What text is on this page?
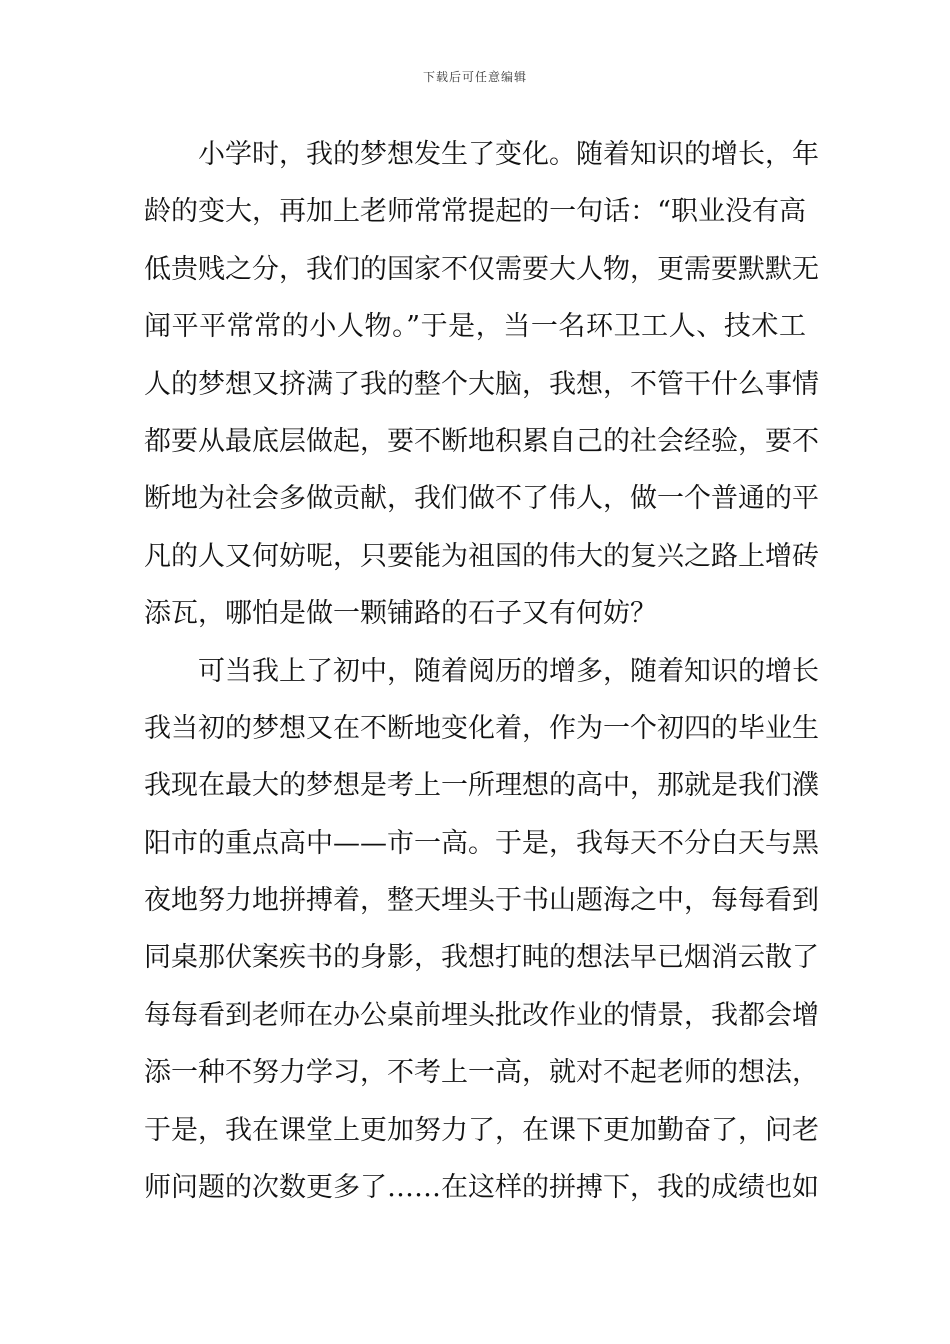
下载后可任意编辑
小学时，我的梦想发生了变化。随着知识的增长，年
龄的变大，再加上老师常常提起的一句话：“职业没有高
低贵贱之分，我们的国家不仅需要大人物，更需要默默无
闻平平常常的小人物。”于是，当一名环卫工人、技术工
人的梦想又挤满了我的整个大脑，我想，不管干什么事情
都要从最底层做起，要不断地积累自己的社会经验，要不
断地为社会多做贡献，我们做不了伟人，做一个普通的平
凡的人又何妨呢，只要能为祖国的伟大的复兴之路上增砖
添瓦，哪怕是做一颗铺路的石子又有何妨？
可当我上了初中，随着阅历的增多，随着知识的增长
我当初的梦想又在不断地变化着，作为一个初四的毕业生
我现在最大的梦想是考上一所理想的高中，那就是我们濮
阳市的重点高中——市一高。于是，我每天不分白天与黑
夜地努力地拼搏着，整天埋头于书山题海之中，每每看到
同桌那伏案疾书的身影，我想打盹的想法早已烟消云散了
每每看到老师在办公桌前埋头批改作业的情景，我都会增
添一种不努力学习，不考上一高，就对不起老师的想法，
于是，我在课堂上更加努力了，在课下更加勤奋了，问老
师问题的次数更多了……在这样的拼搏下，我的成绩也如
